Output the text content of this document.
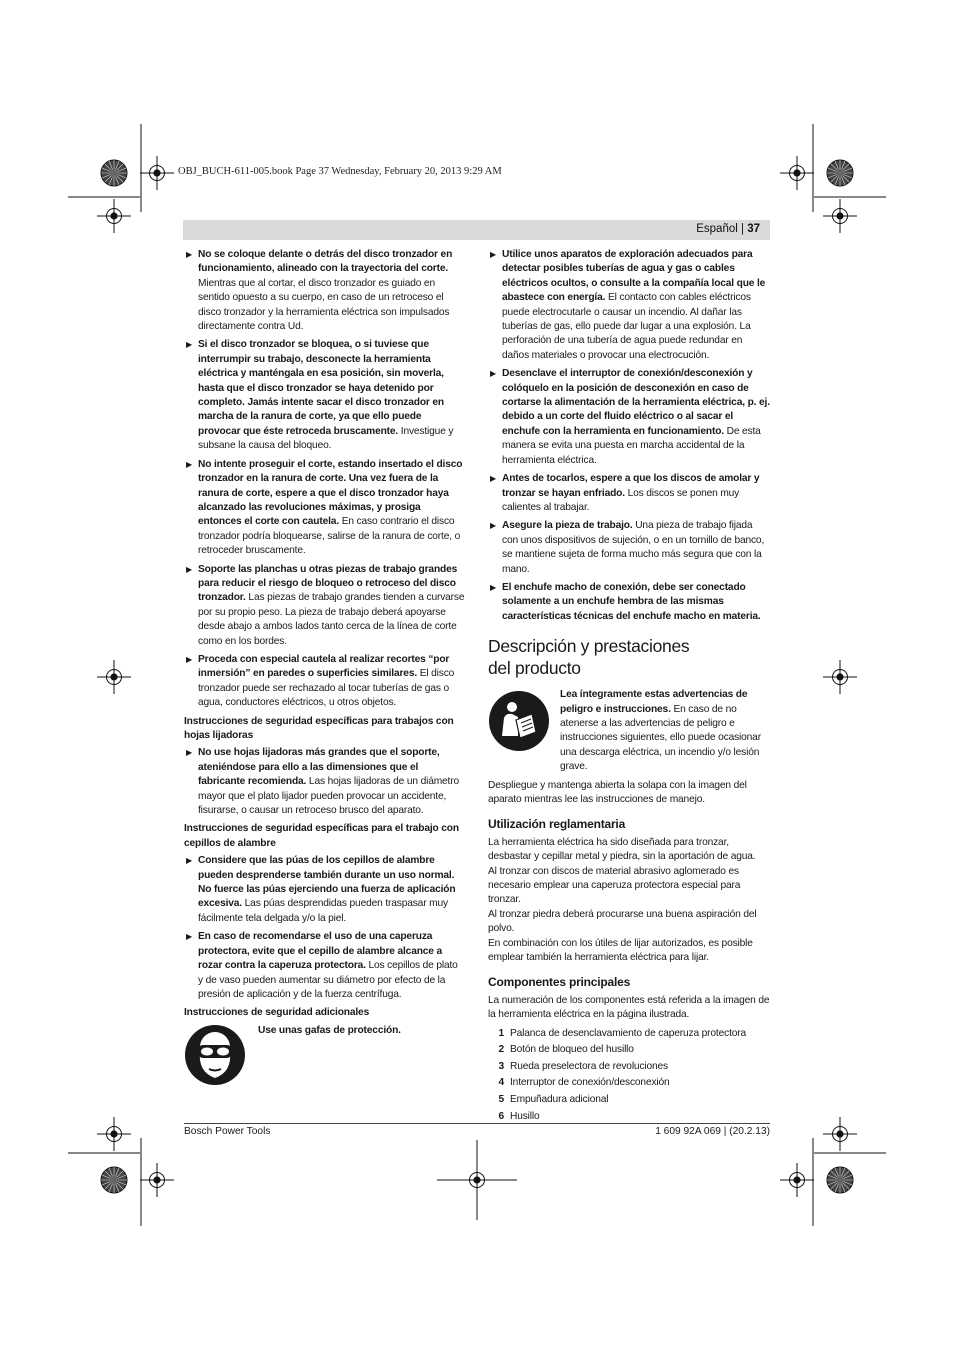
OBJ_BUCH-611-005.book Page 37 Wednesday, February 20, 2013 9:29 AM
Español | 37
▶ No se coloque delante o detrás del disco tronzador en funcionamiento, alineado con la trayectoria del corte. Mientras que al cortar, el disco tronzador es guiado en sentido opuesto a su cuerpo, en caso de un retroceso el disco tronzador y la herramienta eléctrica son impulsados directamente contra Ud.
▶ Si el disco tronzador se bloquea, o si tuviese que interrumpir su trabajo, desconecte la herramienta eléctrica y manténgala en esa posición, sin moverla, hasta que el disco tronzador se haya detenido por completo. Jamás intente sacar el disco tronzador en marcha de la ranura de corte, ya que ello puede provocar que éste retroceda bruscamente. Investigue y subsane la causa del bloqueo.
▶ No intente proseguir el corte, estando insertado el disco tronzador en la ranura de corte. Una vez fuera de la ranura de corte, espere a que el disco tronzador haya alcanzado las revoluciones máximas, y prosiga entonces el corte con cautela. En caso contrario el disco tronzador podría bloquearse, salirse de la ranura de corte, o retroceder bruscamente.
▶ Soporte las planchas u otras piezas de trabajo grandes para reducir el riesgo de bloqueo o retroceso del disco tronzador. Las piezas de trabajo grandes tienden a curvarse por su propio peso. La pieza de trabajo deberá apoyarse desde abajo a ambos lados tanto cerca de la línea de corte como en los bordes.
▶ Proceda con especial cautela al realizar recortes “por inmersión” en paredes o superficies similares. El disco tronzador puede ser rechazado al tocar tuberías de gas o agua, conductores eléctricos, u otros objetos.
Instrucciones de seguridad específicas para trabajos con hojas lijadoras
▶ No use hojas lijadoras más grandes que el soporte, ateniéndose para ello a las dimensiones que el fabricante recomienda. Las hojas lijadoras de un diámetro mayor que el plato lijador pueden provocar un accidente, fisurarse, o causar un retroceso brusco del aparato.
Instrucciones de seguridad específicas para el trabajo con cepillos de alambre
▶ Considere que las púas de los cepillos de alambre pueden desprenderse también durante un uso normal. No fuerce las púas ejerciendo una fuerza de aplicación excesiva. Las púas desprendidas pueden traspasar muy fácilmente tela delgada y/o la piel.
▶ En caso de recomendarse el uso de una caperuza protectora, evite que el cepillo de alambre alcance a rozar contra la caperuza protectora. Los cepillos de plato y de vaso pueden aumentar su diámetro por efecto de la presión de aplicación y de la fuerza centrífuga.
Instrucciones de seguridad adicionales
Use unas gafas de protección.
▶ Utilice unos aparatos de exploración adecuados para detectar posibles tuberías de agua y gas o cables eléctricos ocultos, o consulte a la compañía local que le abastece con energía. El contacto con cables eléctricos puede electrocutarle o causar un incendio. Al dañar las tuberías de gas, ello puede dar lugar a una explosión. La perforación de una tubería de agua puede redundar en daños materiales o provocar una electrocución.
▶ Desenclave el interruptor de conexión/desconexión y colóquelo en la posición de desconexión en caso de cortarse la alimentación de la herramienta eléctrica, p. ej. debido a un corte del fluido eléctrico o al sacar el enchufe con la herramienta en funcionamiento. De esta manera se evita una puesta en marcha accidental de la herramienta eléctrica.
▶ Antes de tocarlos, espere a que los discos de amolar y tronzar se hayan enfriado. Los discos se ponen muy calientes al trabajar.
▶ Asegure la pieza de trabajo. Una pieza de trabajo fijada con unos dispositivos de sujeción, o en un tornillo de banco, se mantiene sujeta de forma mucho más segura que con la mano.
▶ El enchufe macho de conexión, debe ser conectado solamente a un enchufe hembra de las mismas características técnicas del enchufe macho en materia.
Descripción y prestaciones
del producto
Lea íntegramente estas advertencias de peligro e instrucciones. En caso de no atenerse a las advertencias de peligro e instrucciones siguientes, ello puede ocasionar una descarga eléctrica, un incendio y/o lesión grave.

Despliegue y mantenga abierta la solapa con la imagen del aparato mientras lee las instrucciones de manejo.

Utilización reglamentaria

La herramienta eléctrica ha sido diseñada para tronzar, desbastar y cepillar metal y piedra, sin la aportación de agua.

Al tronzar con discos de material abrasivo aglomerado es necesario emplear una caperuza protectora especial para tronzar.

Al tronzar piedra deberá procurarse una buena aspiración del polvo.

En combinación con los útiles de lijar autorizados, es posible emplear también la herramienta eléctrica para lijar.

Componentes principales

La numeración de los componentes está referida a la imagen de la herramienta eléctrica en la página ilustrada.

1 Palanca de desenclavamiento de caperuza protectora
2 Botón de bloqueo del husillo
3 Rueda preselectora de revoluciones
4 Interruptor de conexión/desconexión
5 Empuñadura adicional
6 Husillo
Bosch Power Tools	1 609 92A 069 | (20.2.13)
